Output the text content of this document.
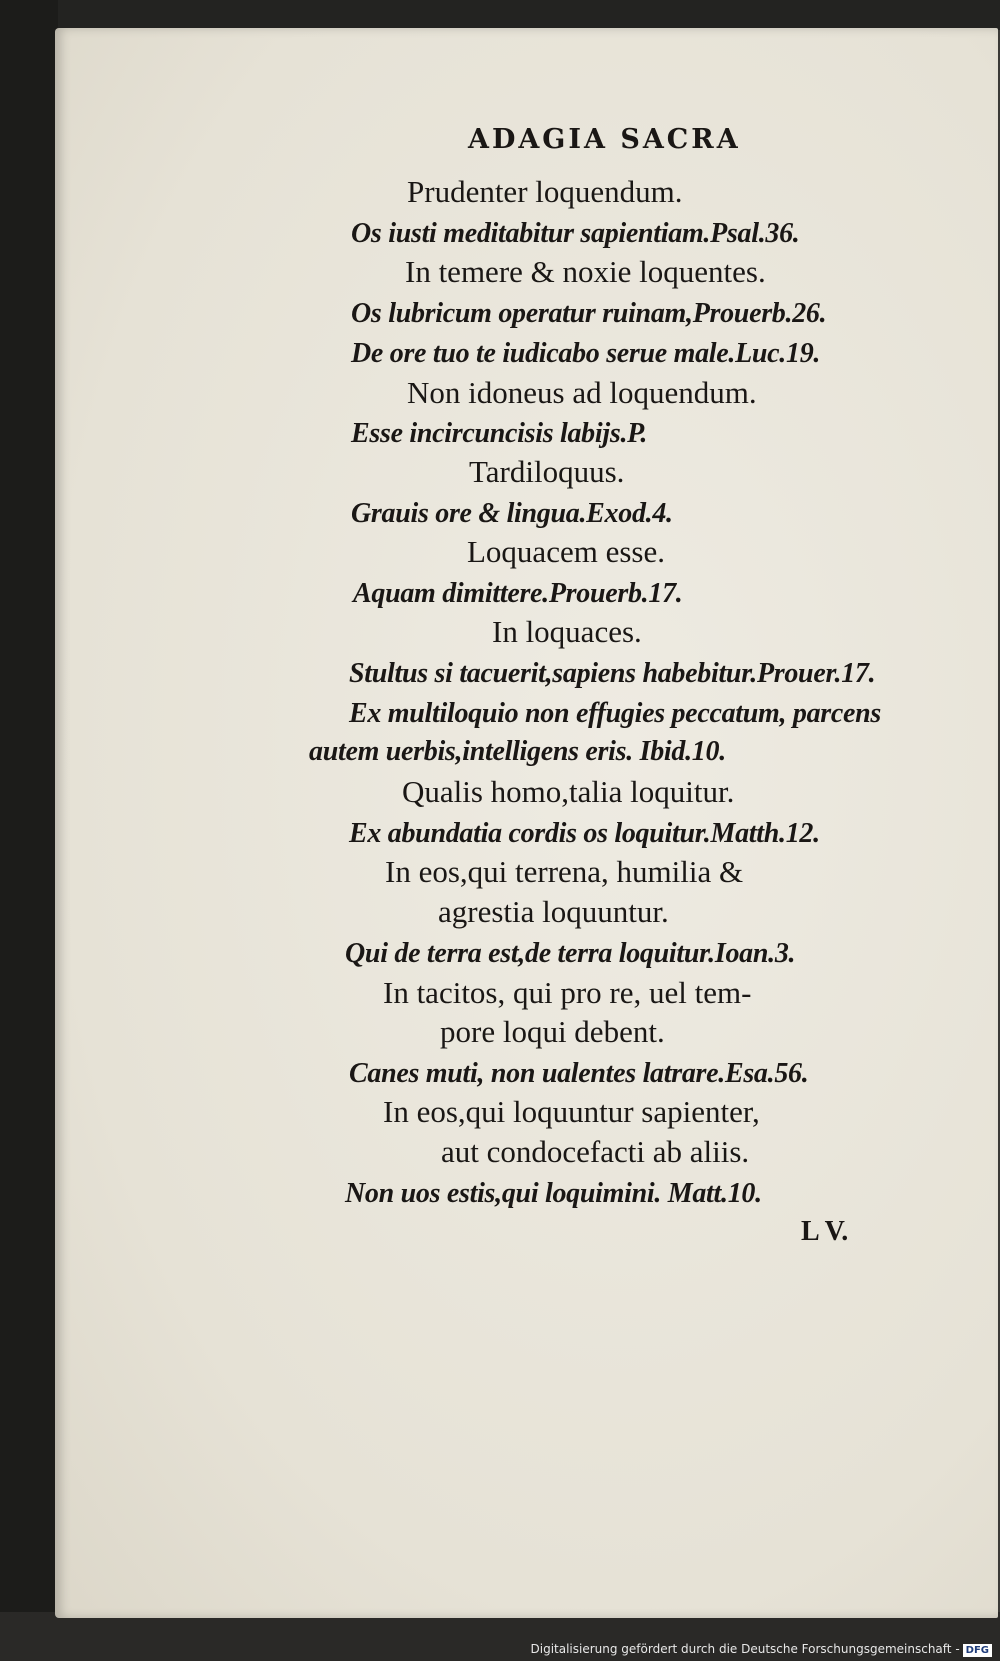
ADAGIA SACRA
Prudenter loquendum.
Os iusti meditabitur sapientiam.Psal.36.
In temere & noxie loquentes.
Os lubricum operatur ruinam,Prouerb.26.
De ore tuo te iudicabo serue male.Luc.19.
Non idoneus ad loquendum.
Esse incircuncisis labijs.P.
Tardiloquus.
Grauis ore & lingua.Exod.4.
Loquacem esse.
Aquam dimittere.Prouerb.17.
In loquaces.
Stultus si tacuerit,sapiens habebitur.Prouer.17.
Ex multiloquio non effugies peccatum, parcens
autem uerbis,intelligens eris. Ibid.10.
Qualis homo,talia loquitur.
Ex abundatia cordis os loquitur.Matth.12.
In eos,qui terrena, humilia &
agrestia loquuntur.
Qui de terra est,de terra loquitur.Ioan.3.
In tacitos, qui pro re, uel tem-
pore loqui debent.
Canes muti, non ualentes latrare.Esa.56.
In eos,qui loquuntur sapienter,
aut condocefacti ab aliis.
Non uos estis,qui loquimini. Matt.10.
L V.
Digitalisierung gefördert durch die Deutsche Forschungsgemeinschaft - DFG
